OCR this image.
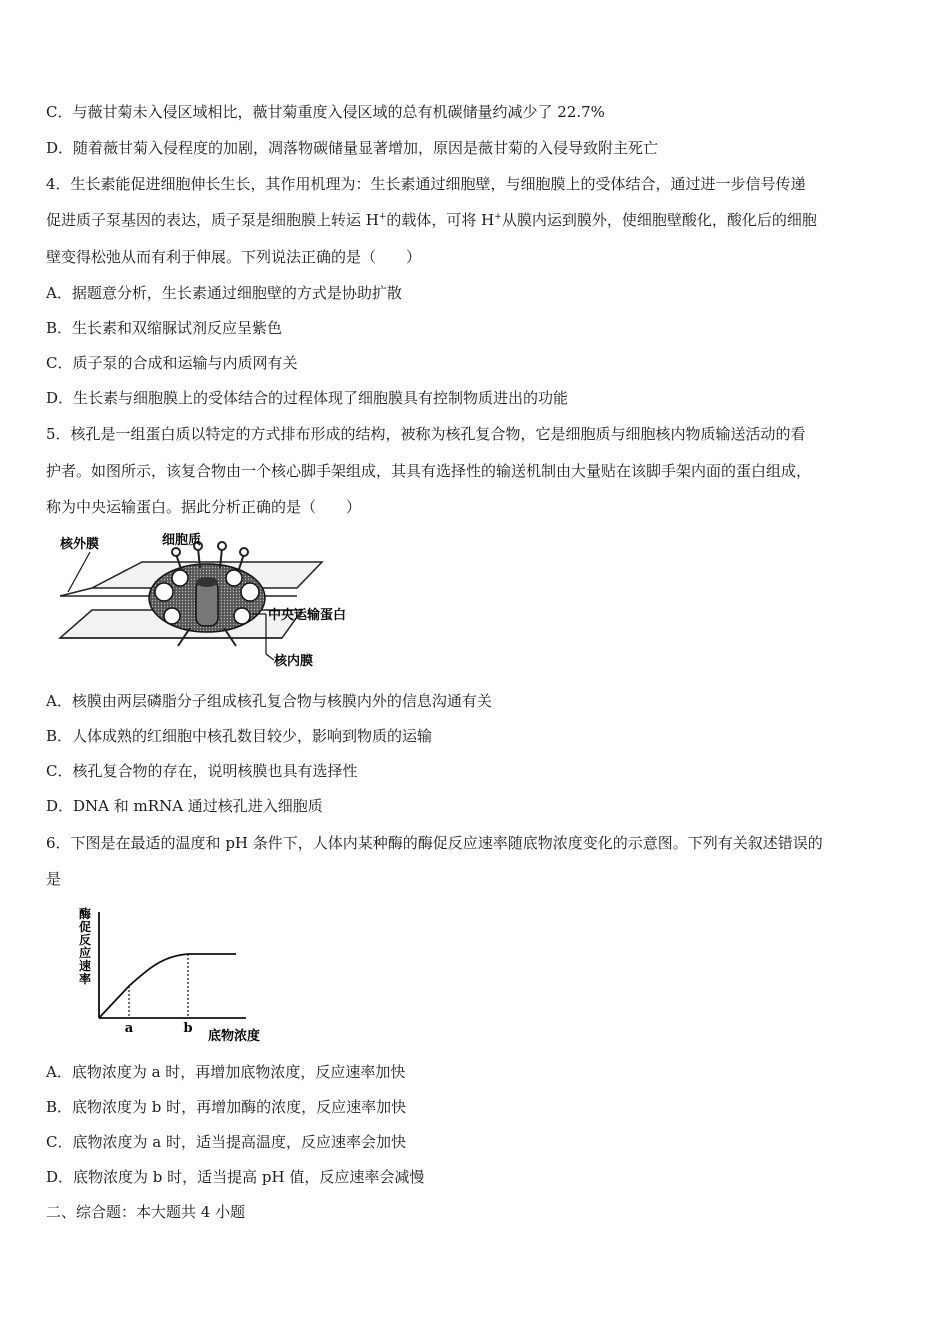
C．与薇甘菊未入侵区域相比，薇甘菊重度入侵区域的总有机碳储量约减少了 22.7%
D．随着薇甘菊入侵程度的加剧，凋落物碳储量显著增加，原因是薇甘菊的入侵导致附主死亡
4．生长素能促进细胞伸长生长，其作用机理为：生长素通过细胞壁，与细胞膜上的受体结合，通过进一步信号传递
促进质子泵基因的表达，质子泵是细胞膜上转运 H+的载体，可将 H+从膜内运到膜外，使细胞壁酸化，酸化后的细胞
壁变得松弛从而有利于伸展。下列说法正确的是（　　）
A．据题意分析，生长素通过细胞壁的方式是协助扩散
B．生长素和双缩脲试剂反应呈紫色
C．质子泵的合成和运输与内质网有关
D．生长素与细胞膜上的受体结合的过程体现了细胞膜具有控制物质进出的功能
5．核孔是一组蛋白质以特定的方式排布形成的结构，被称为核孔复合物，它是细胞质与细胞核内物质输送活动的看
护者。如图所示，该复合物由一个核心脚手架组成，其具有选择性的输送机制由大量贴在该脚手架内面的蛋白组成，
称为中央运输蛋白。据此分析正确的是（　　）
核外膜	细胞质
中央运输蛋白
核内膜
A．核膜由两层磷脂分子组成核孔复合物与核膜内外的信息沟通有关
B．人体成熟的红细胞中核孔数目较少，影响到物质的运输
C．核孔复合物的存在，说明核膜也具有选择性
D．DNA 和 mRNA 通过核孔进入细胞质
6．下图是在最适的温度和 pH 条件下，人体内某种酶的酶促反应速率随底物浓度变化的示意图。下列有关叙述错误的
是
酶
促
反
应
速
率
a	b
底物浓度
A．底物浓度为 a 时，再增加底物浓度，反应速率加快
B．底物浓度为 b 时，再增加酶的浓度，反应速率加快
C．底物浓度为 a 时，适当提高温度，反应速率会加快
D．底物浓度为 b 时，适当提高 pH 值，反应速率会减慢
二、综合题：本大题共 4 小题
